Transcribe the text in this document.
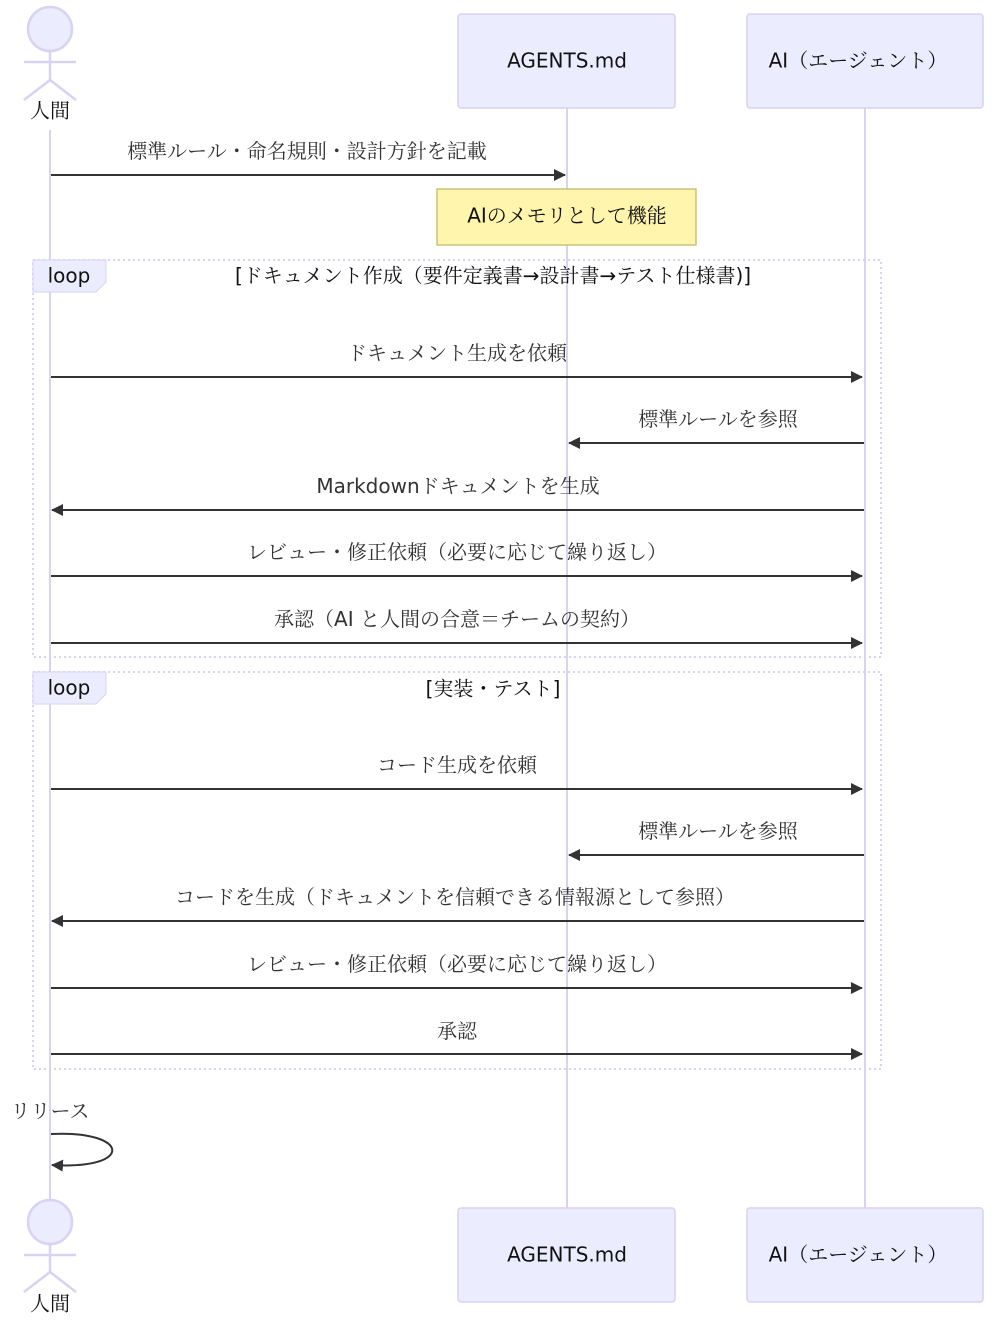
人間
AGENTS.md	AI（エージェント）
標準ルール・命名規則・設計方針を記載
AIのメモリとして機能
loop	[ドキュメント作成（要件定義書→設計書→テスト仕様書)]
ドキュメント生成を依頼
標準ルールを参照
Markdownドキュメントを生成
レビュー・修正依頼（必要に応じて繰り返し）
承認（AI と人間の合意＝チームの契約）
loop	[実装・テスト]
コード生成を依頼
標準ルールを参照
コードを生成（ドキュメントを信頼できる情報源として参照）
レビュー・修正依頼（必要に応じて繰り返し）
承認
リリース
人間
AGENTS.md	AI（エージェント）
